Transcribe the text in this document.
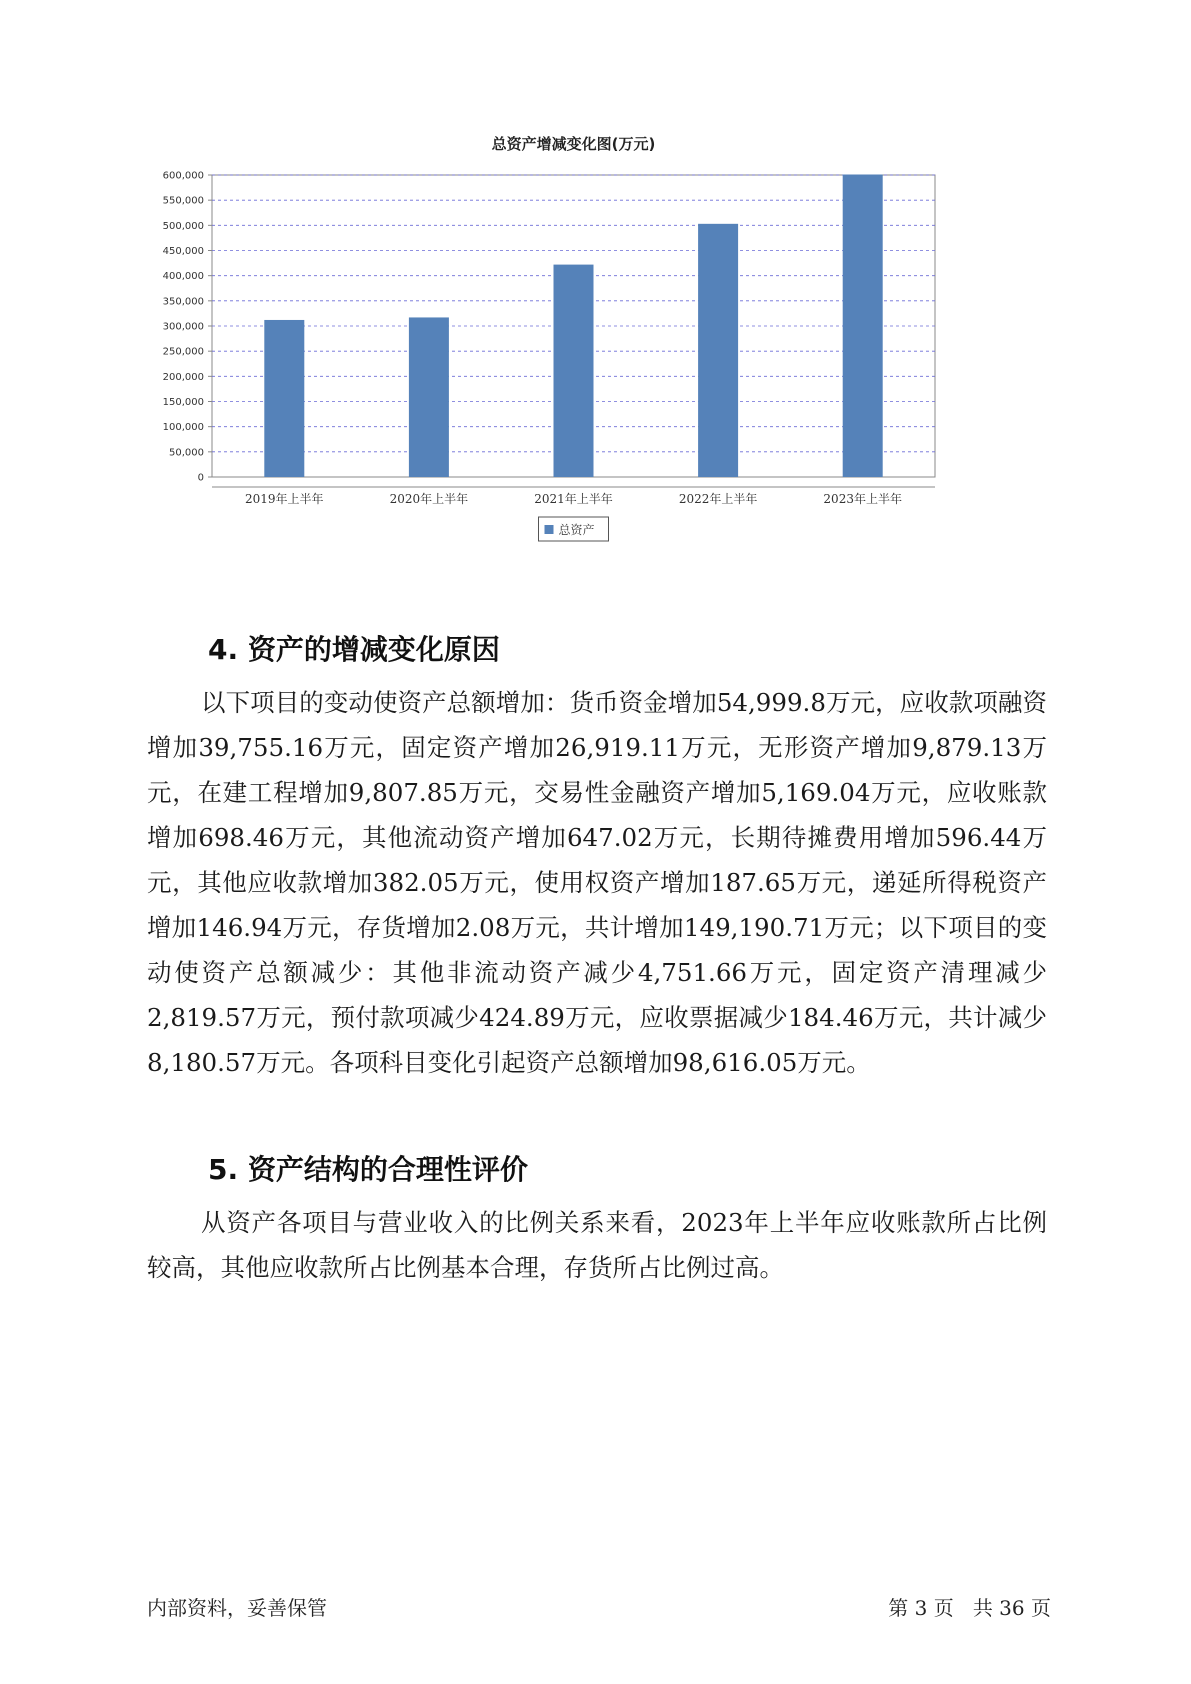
总资产增减变化图(万元)
0
50,000
100,000
150,000
200,000
250,000
300,000
350,000
400,000
450,000
500,000
550,000
600,000
2019年上半年	2020年上半年	2021年上半年	2022年上半年	2023年上半年
总资产
4. 资产的增减变化原因

以下项目的变动使资产总额增加：货币资金增加54,999.8万元，应收款项融资增加39,755.16万元，固定资产增加26,919.11万元，无形资产增加9,879.13万元，在建工程增加9,807.85万元，交易性金融资产增加5,169.04万元，应收账款增加698.46万元，其他流动资产增加647.02万元，长期待摊费用增加596.44万元，其他应收款增加382.05万元，使用权资产增加187.65万元，递延所得税资产增加146.94万元，存货增加2.08万元，共计增加149,190.71万元；以下项目的变动使资产总额减少：其他非流动资产减少4,751.66万元，固定资产清理减少2,819.57万元，预付款项减少424.89万元，应收票据减少184.46万元，共计减少8,180.57万元。各项科目变化引起资产总额增加98,616.05万元。

5. 资产结构的合理性评价

从资产各项目与营业收入的比例关系来看，2023年上半年应收账款所占比例较高，其他应收款所占比例基本合理，存货所占比例过高。

内部资料，妥善保管	第 3 页 共 36 页
